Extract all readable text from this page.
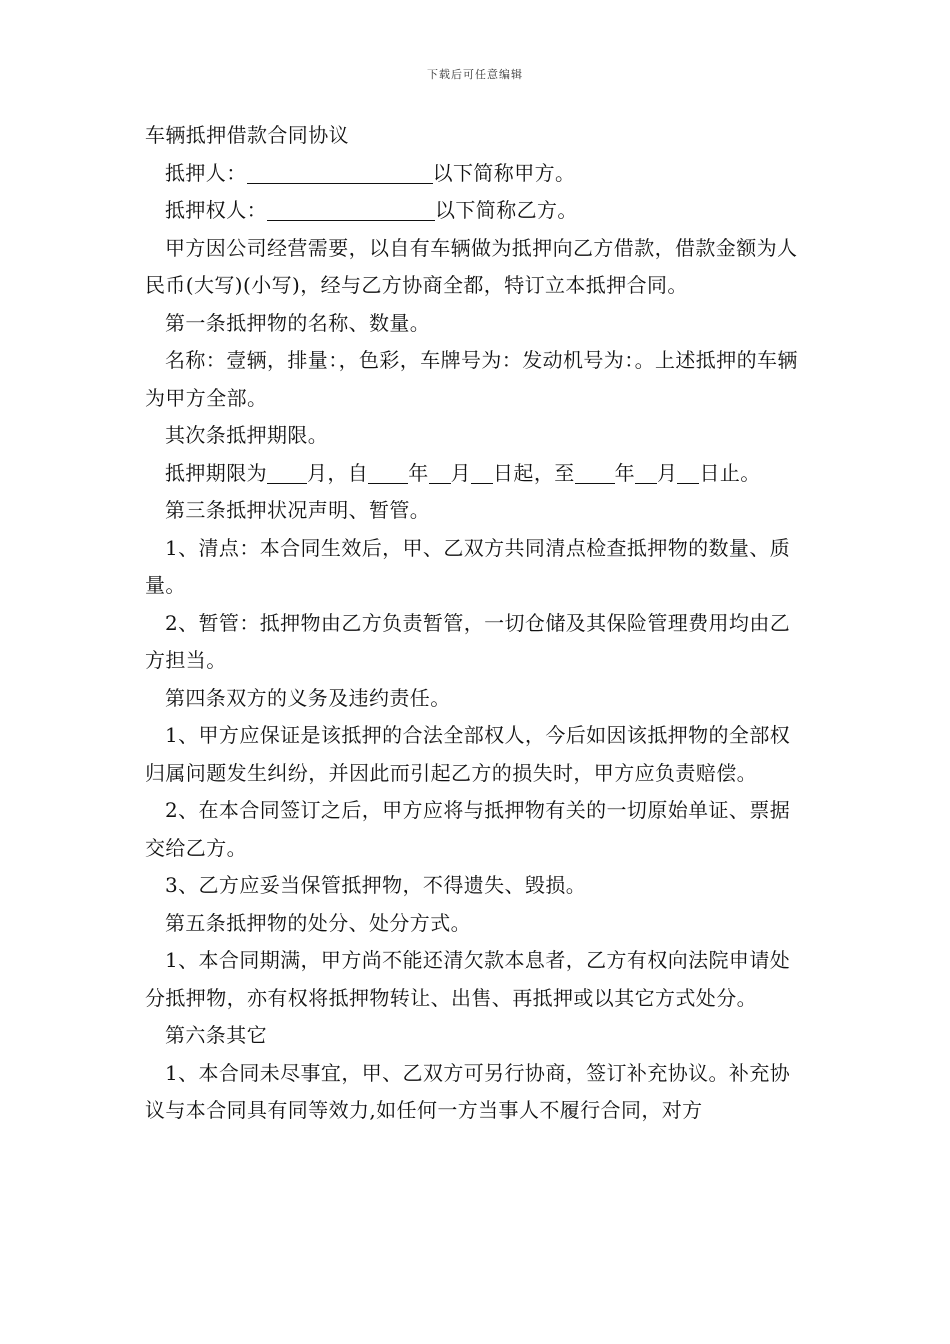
下载后可任意编辑

车辆抵押借款合同协议

抵押人：	以下简称甲方。

抵押权人：	以下简称乙方。

甲方因公司经营需要，以自有车辆做为抵押向乙方借款，借款金额为人民币(大写)(小写)，经与乙方协商全都，特订立本抵押合同。

第一条抵押物的名称、数量。

名称：壹辆，排量：，色彩，车牌号为：发动机号为：。上述抵押的车辆为甲方全部。

其次条抵押期限。

抵押期限为 月，自 年 月 日起，至 年 月 日止。

第三条抵押状况声明、暂管。

1、清点：本合同生效后，甲、乙双方共同清点检查抵押物的数量、质量。

2、暂管：抵押物由乙方负责暂管，一切仓储及其保险管理费用均由乙方担当。

第四条双方的义务及违约责任。

1、甲方应保证是该抵押的合法全部权人，今后如因该抵押物的全部权归属问题发生纠纷，并因此而引起乙方的损失时，甲方应负责赔偿。

2、在本合同签订之后，甲方应将与抵押物有关的一切原始单证、票据交给乙方。

3、乙方应妥当保管抵押物，不得遗失、毁损。

第五条抵押物的处分、处分方式。

1、本合同期满，甲方尚不能还清欠款本息者，乙方有权向法院申请处分抵押物，亦有权将抵押物转让、出售、再抵押或以其它方式处分。

第六条其它

1、本合同未尽事宜，甲、乙双方可另行协商，签订补充协议。补充协议与本合同具有同等效力,如任何一方当事人不履行合同，对方
